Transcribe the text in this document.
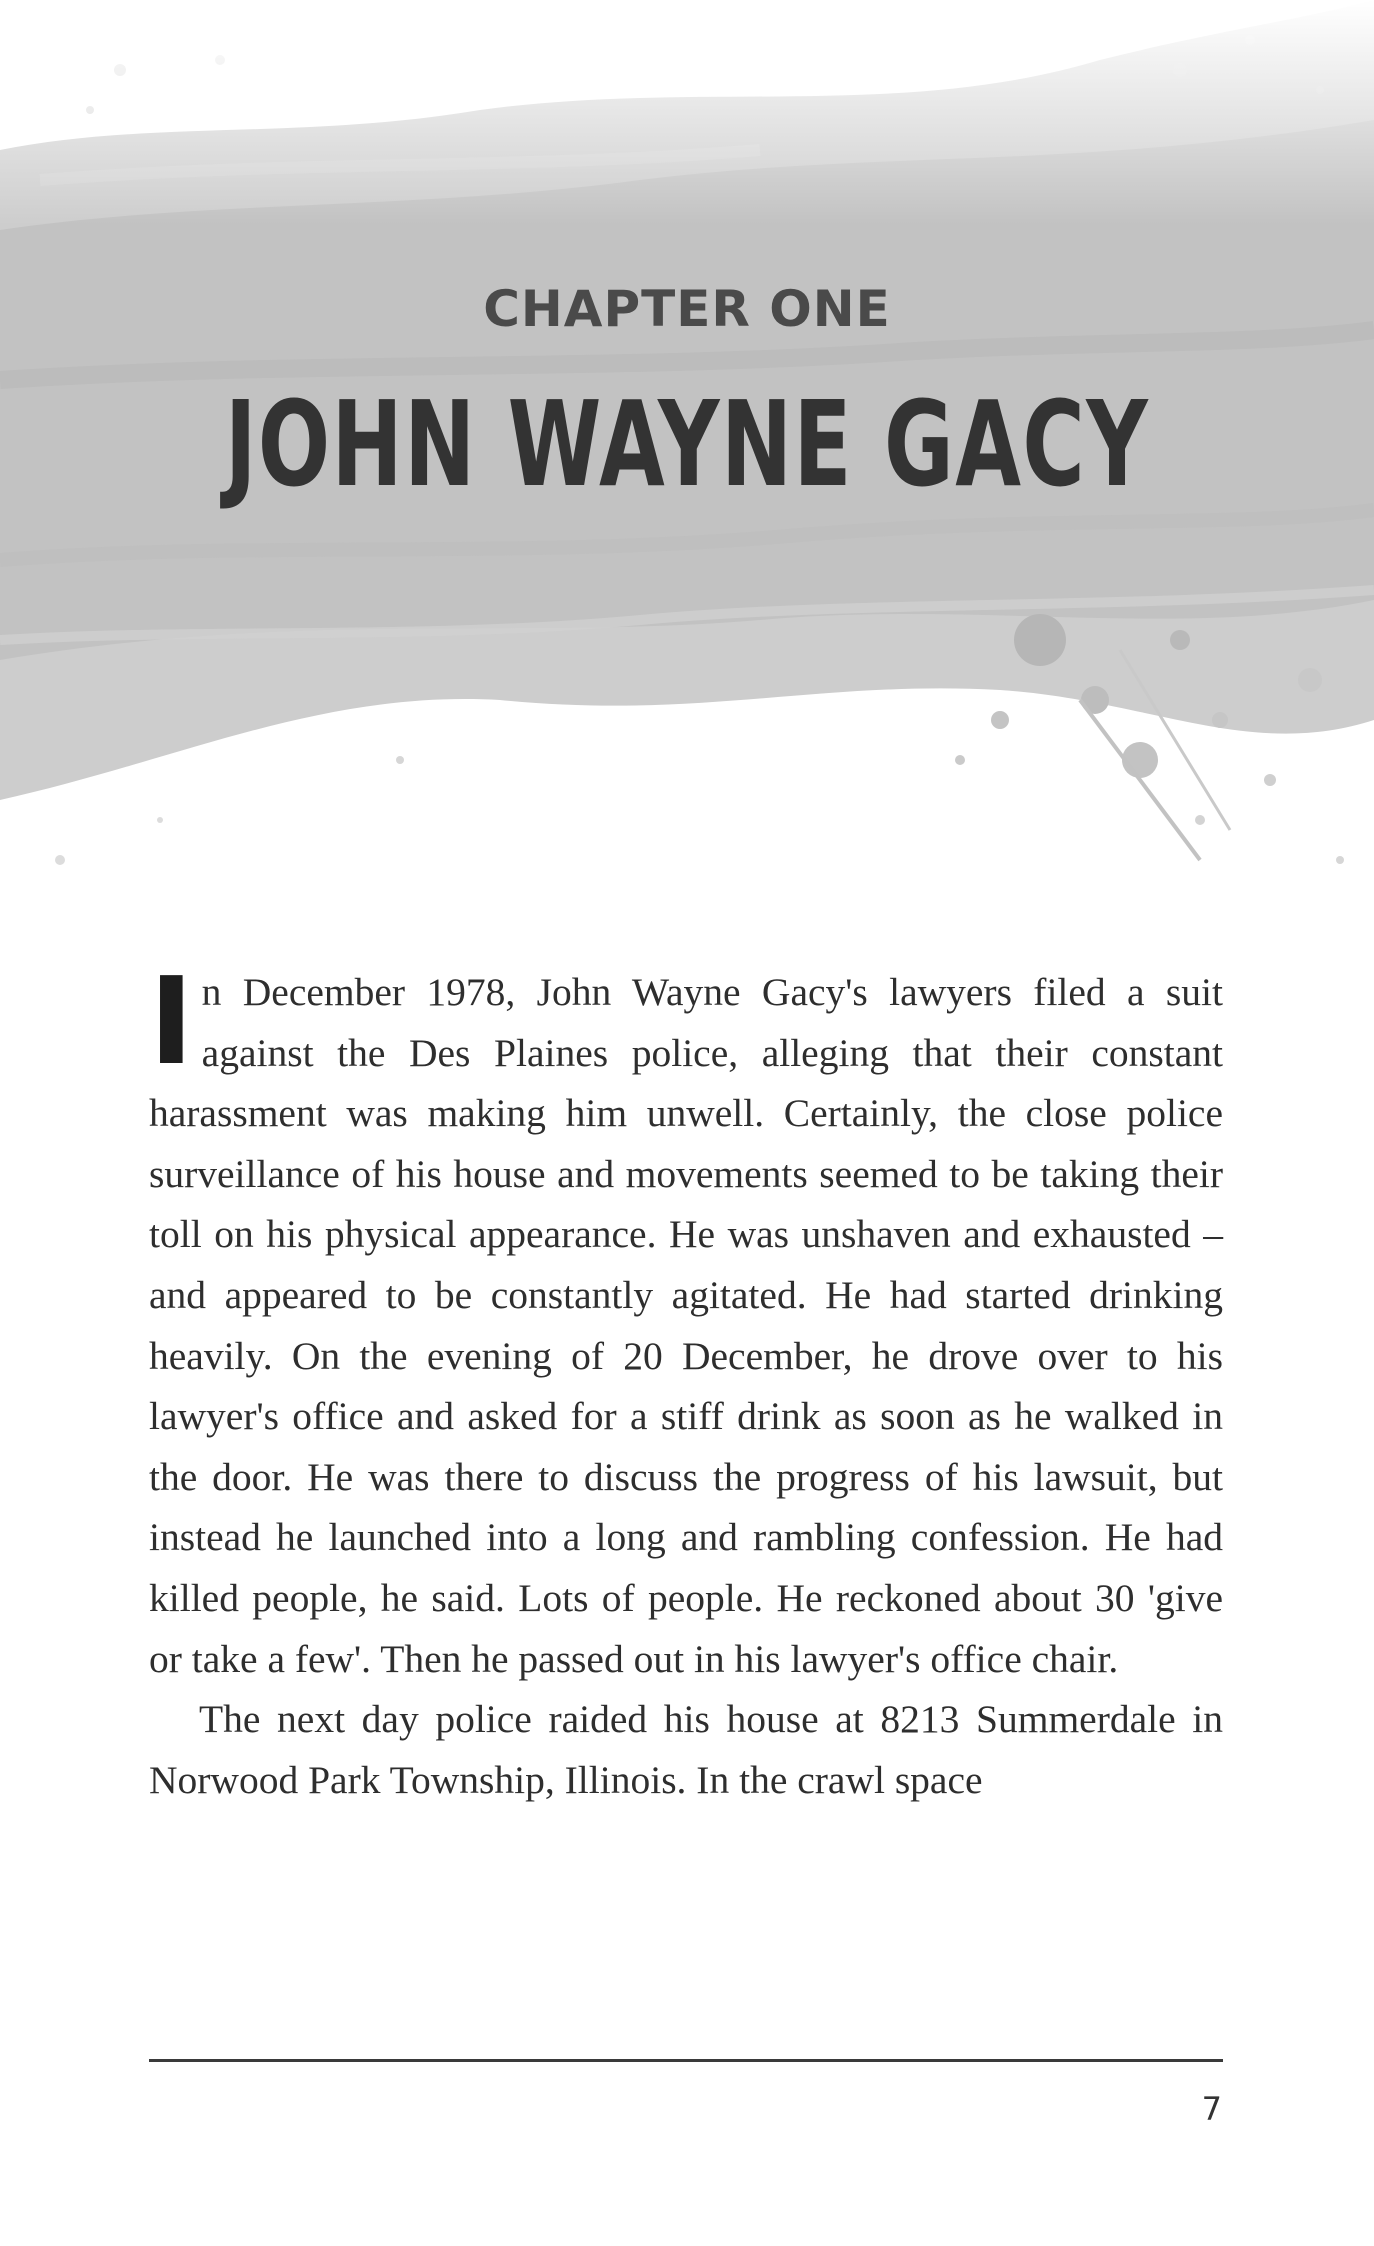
CHAPTER ONE
JOHN WAYNE GACY

In December 1978, John Wayne Gacy's lawyers filed a suit against the Des Plaines police, alleging that their constant harassment was making him unwell. Certainly, the close police surveillance of his house and movements seemed to be taking their toll on his physical appearance. He was unshaven and exhausted – and appeared to be constantly agitated. He had started drinking heavily. On the evening of 20 December, he drove over to his lawyer's office and asked for a stiff drink as soon as he walked in the door. He was there to discuss the progress of his lawsuit, but instead he launched into a long and rambling confession. He had killed people, he said. Lots of people. He reckoned about 30 'give or take a few'. Then he passed out in his lawyer's office chair.

The next day police raided his house at 8213 Summerdale in Norwood Park Township, Illinois. In the crawl space

7
